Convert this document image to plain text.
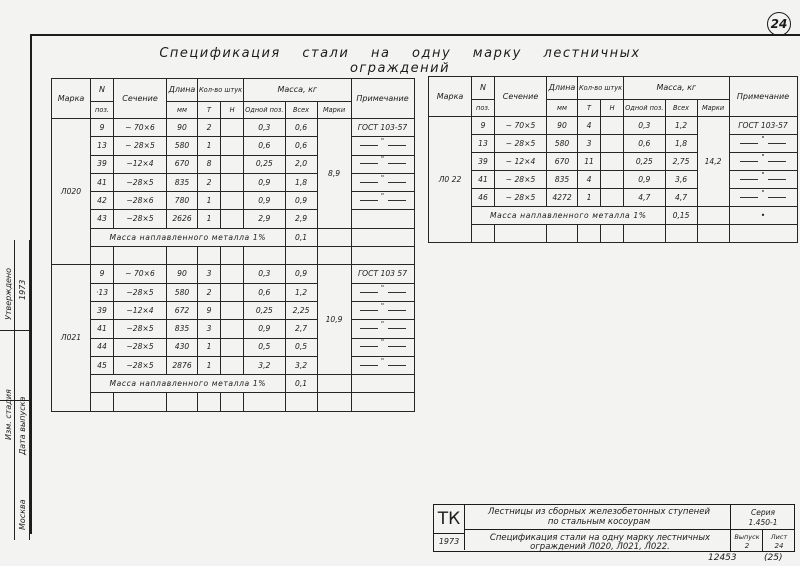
24
Спецификация стали на одну марку лестничных ограждений
Марка	N	Сечение	Длина	Кол-во штук		Масса, кг			Примечание
	поз.		мм	Т	Н	Одной поз.	Всех	Марки	
Л020	9	~ 70×6	90	2		0,3	0,6	8,9	ГОСТ 103-57
	13	~ 28×5	580	1		0,6	0,6		"

	39	~12×4	670	8		0,25	2,0		"

	41	~28×5	835	2		0,9	1,8		"

	42	~28×6	780	1		0,9	0,9		"

	43	~28×5	2626	1		2,9	2,9		
	Масса наплавленного металла 1%						0,1		

Л021	9	~ 70×6	90	3		0,3	0,9	10,9	ГОСТ 103 57
	·13	~28×5	580	2		0,6	1,2		"

	39	~12×4	672	9		0,25	2,25		"

	41	~28×5	835	3		0,9	2,7		"

	44	~28×5	430	1		0,5	0,5		"

	45	~28×5	2876	1		3,2	3,2		"

	Масса наплавленного металла 1%						0,1		

Марка	N	Сечение	Длина	Кол-во штук		Масса, кг			Примечание
	поз.		мм	Т	Н	Одной поз.	Всех	Марки	
Л0 22	9	~ 70×5	90	4		0,3	1,2	14,2	ГОСТ 103-57
	13	~ 28×5	580	3		0,6	1,8		"

	39	~ 12×4	670	11		0,25	2,75		"

	41	~ 28×5	835	4		0,9	3,6		"

	46	~ 28×5	4272	1		4,7	4,7		"

	Масса наплавленного металла 1%						0,15		•

Утверждено 1973
Изм. стадия Дата выпуска
Москва	ТК
1973
Лестницы из сборных железобетонных ступеней
по стальным косоурам
Спецификация стали на одну марку лестничных
ограждений Л020, Л021, Л022.
Серия
1.450-1
Выпуск
2
Лист
24
12453	(25)
